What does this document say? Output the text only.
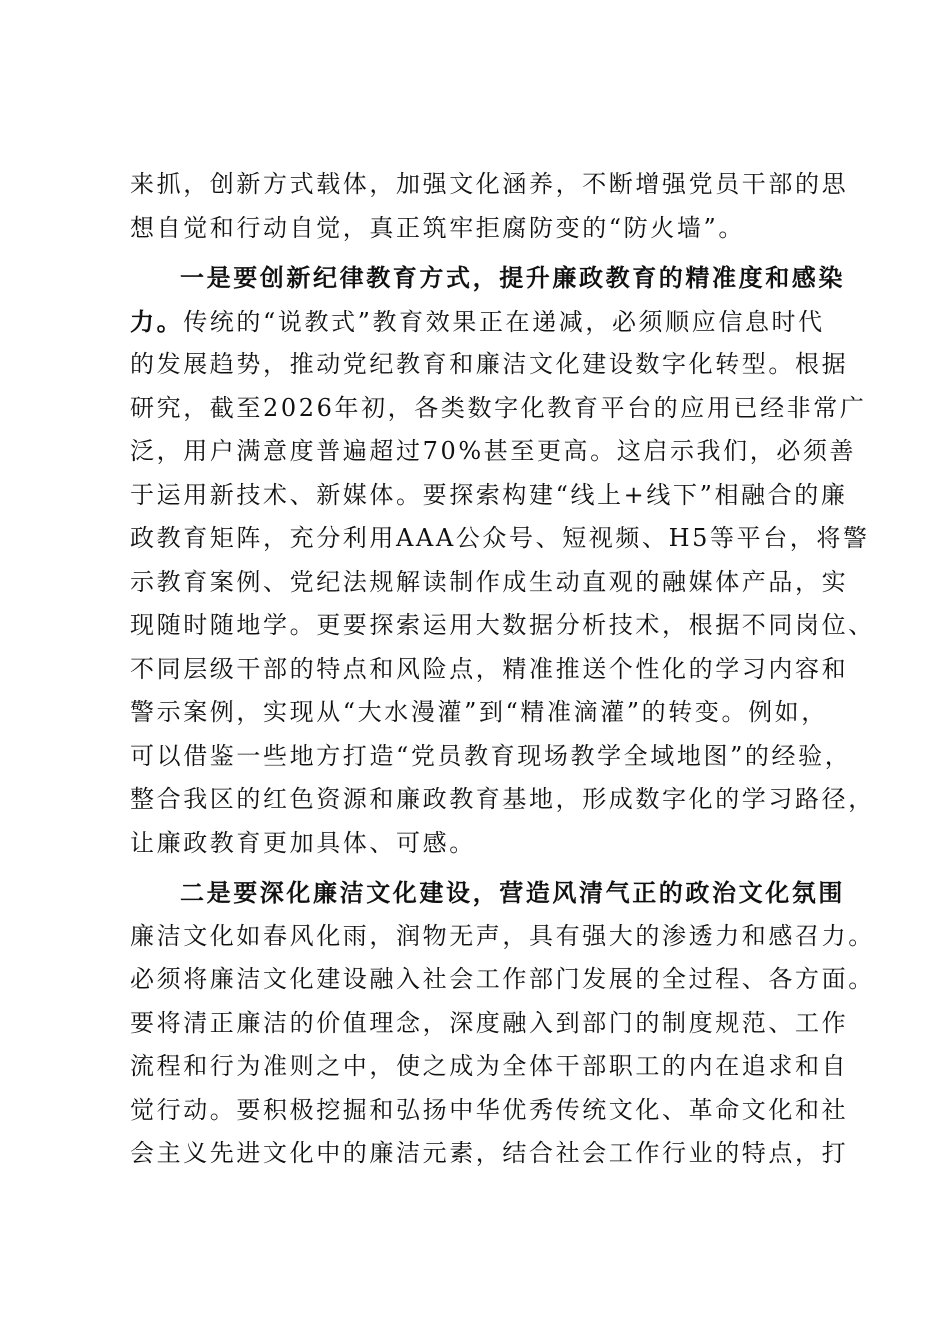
来抓，创新方式载体，加强文化涵养，不断增强党员干部的思
想自觉和行动自觉，真正筑牢拒腐防变的“防火墙”。
一是要创新纪律教育方式，提升廉政教育的精准度和感染
力。传统的“说教式”教育效果正在递减，必须顺应信息时代
的发展趋势，推动党纪教育和廉洁文化建设数字化转型。根据
研究，截至2026年初，各类数字化教育平台的应用已经非常广
泛，用户满意度普遍超过70%甚至更高。这启示我们，必须善
于运用新技术、新媒体。要探索构建“线上+线下”相融合的廉
政教育矩阵，充分利用AAA公众号、短视频、H5等平台，将警
示教育案例、党纪法规解读制作成生动直观的融媒体产品，实
现随时随地学。更要探索运用大数据分析技术，根据不同岗位、
不同层级干部的特点和风险点，精准推送个性化的学习内容和
警示案例，实现从“大水漫灌”到“精准滴灌”的转变。例如，
可以借鉴一些地方打造“党员教育现场教学全域地图”的经验，
整合我区的红色资源和廉政教育基地，形成数字化的学习路径，
让廉政教育更加具体、可感。
二是要深化廉洁文化建设，营造风清气正的政治文化氛围
廉洁文化如春风化雨，润物无声，具有强大的渗透力和感召力。
必须将廉洁文化建设融入社会工作部门发展的全过程、各方面。
要将清正廉洁的价值理念，深度融入到部门的制度规范、工作
流程和行为准则之中，使之成为全体干部职工的内在追求和自
觉行动。要积极挖掘和弘扬中华优秀传统文化、革命文化和社
会主义先进文化中的廉洁元素，结合社会工作行业的特点，打
